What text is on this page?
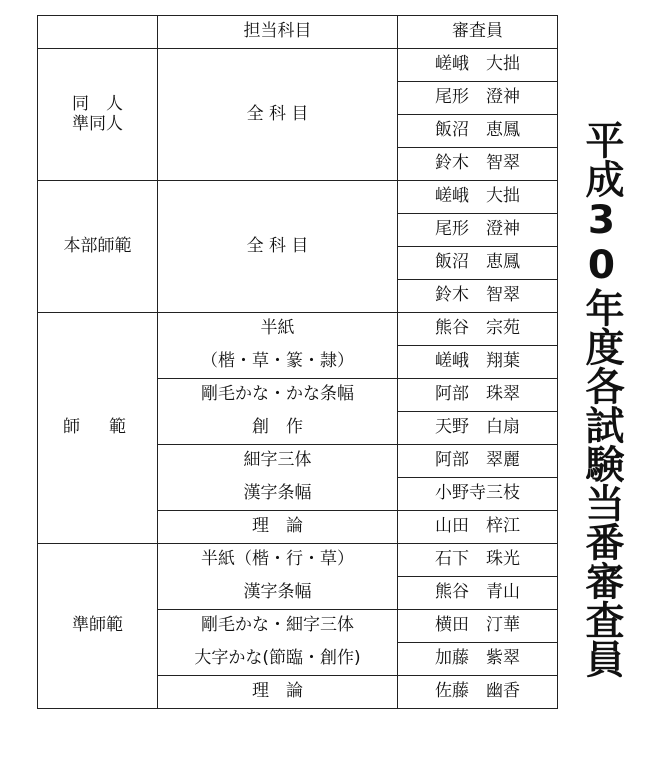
	担当科目	審査員

同　人
準同人	全 科 目	嵯峨　大拙
		尾形　澄神
		飯沼　恵鳳
		鈴木　智翠
本部師範	全 科 目	嵯峨　大拙
		尾形　澄神
		飯沼　恵鳳
		鈴木　智翠
師　範	半紙	熊谷　宗苑
	（楷・草・篆・隷）	嵯峨　翔葉
	剛毛かな・かな条幅	阿部　珠翠
	創　作	天野　白扇
	細字三体	阿部　翠麗
	漢字条幅	小野寺三枝
	理　論	山田　梓江
準師範	半紙（楷・行・草）	石下　珠光
	漢字条幅	熊谷　青山
	剛毛かな・細字三体	横田　汀華
	大字かな(節臨・創作)	加藤　紫翠
	理　論	佐藤　幽香
平成30年度各試験当番審査員
